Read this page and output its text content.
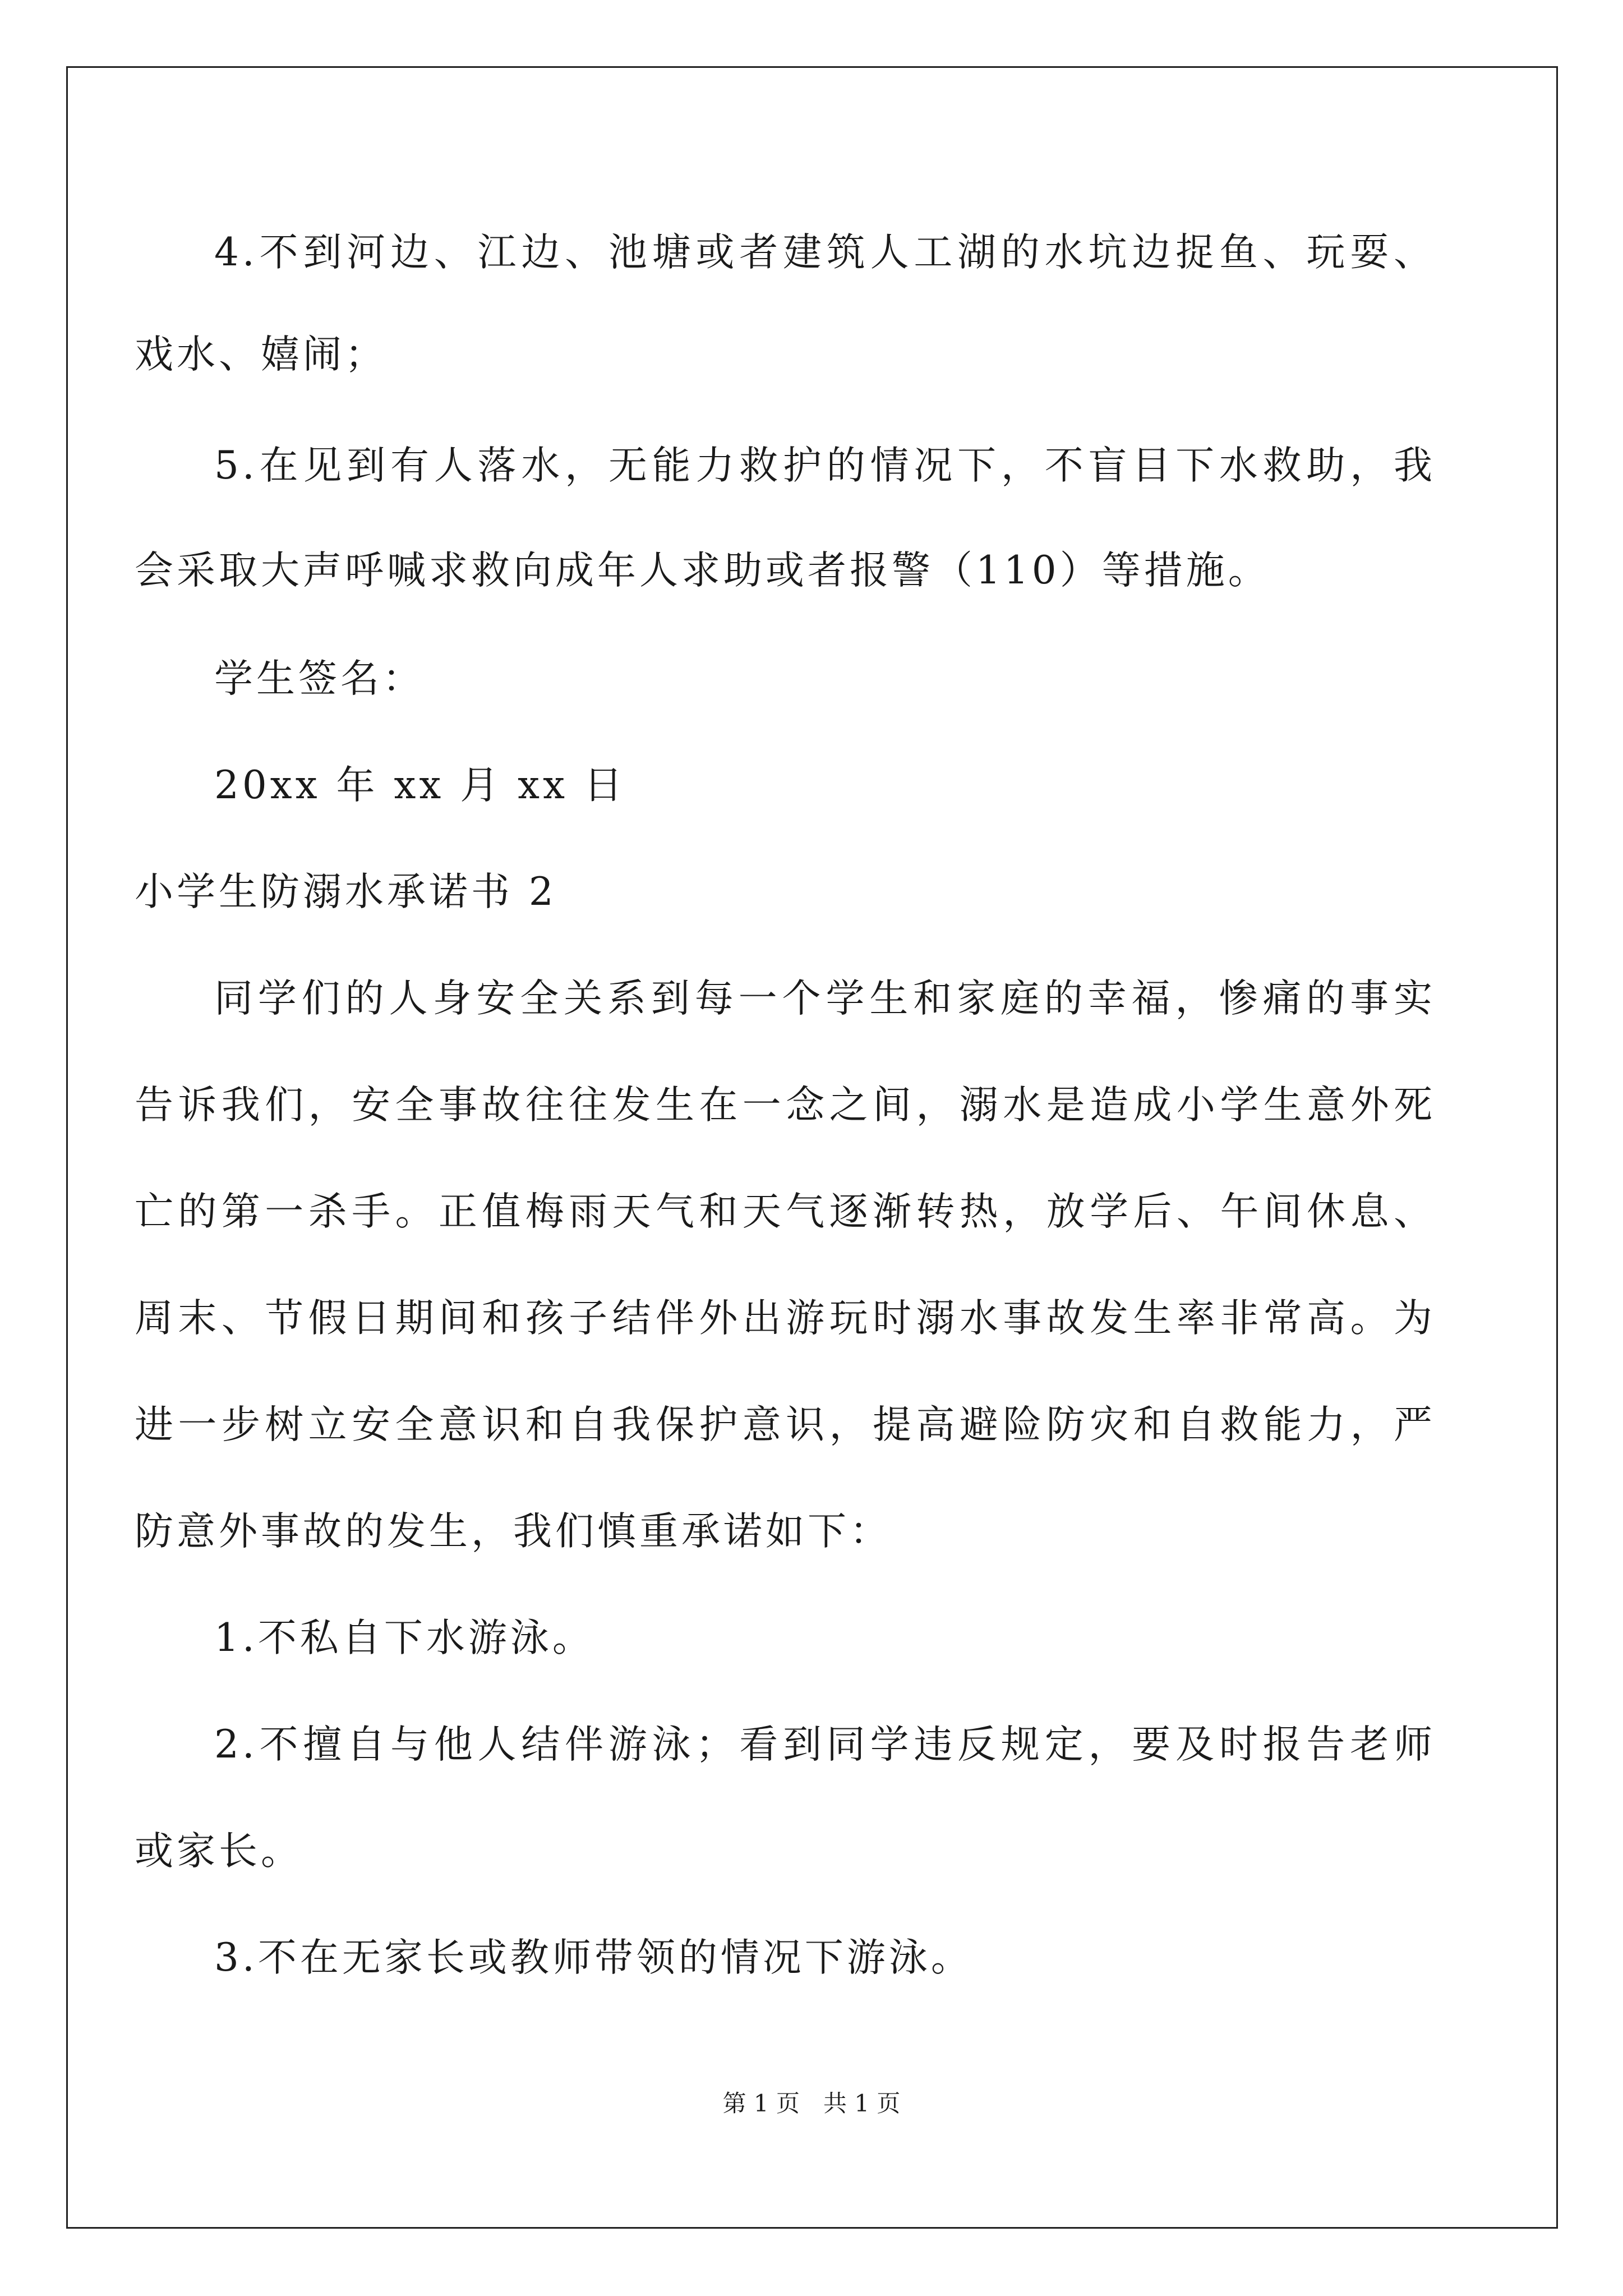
4.不到河边、江边、池塘或者建筑人工湖的水坑边捉鱼、玩耍、
戏水、嬉闹；
5.在见到有人落水，无能力救护的情况下，不盲目下水救助，我
会采取大声呼喊求救向成年人求助或者报警（110）等措施。
学生签名：
20xx 年 xx 月 xx 日
小学生防溺水承诺书 2
同学们的人身安全关系到每一个学生和家庭的幸福，惨痛的事实
告诉我们，安全事故往往发生在一念之间，溺水是造成小学生意外死
亡的第一杀手。正值梅雨天气和天气逐渐转热，放学后、午间休息、
周末、节假日期间和孩子结伴外出游玩时溺水事故发生率非常高。为
进一步树立安全意识和自我保护意识，提高避险防灾和自救能力，严
防意外事故的发生，我们慎重承诺如下：
1.不私自下水游泳。
2.不擅自与他人结伴游泳；看到同学违反规定，要及时报告老师
或家长。
3.不在无家长或教师带领的情况下游泳。
第 1 页　共 1 页
